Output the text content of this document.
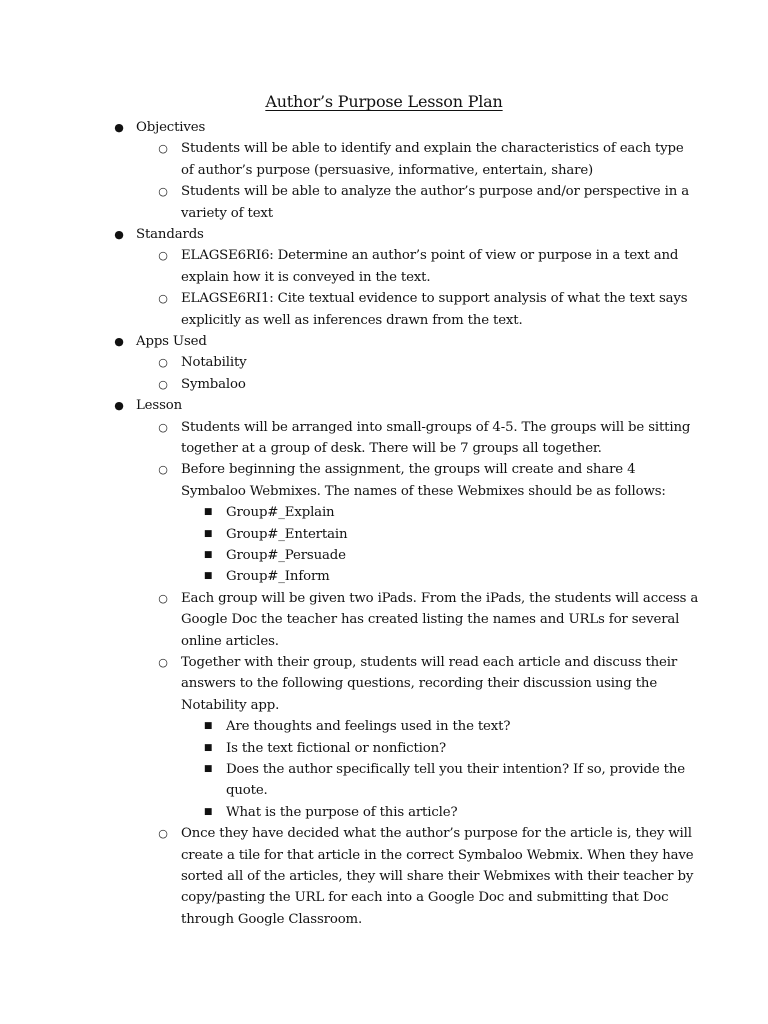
Author’s Purpose Lesson Plan
● Objectives
○ Students will be able to identify and explain the characteristics of each type
of author’s purpose (persuasive, informative, entertain, share)
○ Students will be able to analyze the author’s purpose and/or perspective in a
variety of text
● Standards
○ ELAGSE6RI6: Determine an author’s point of view or purpose in a text and
explain how it is conveyed in the text.
○ ELAGSE6RI1: Cite textual evidence to support analysis of what the text says
explicitly as well as inferences drawn from the text.
● Apps Used
○ Notability
○ Symbaloo
● Lesson
○ Students will be arranged into small-groups of 4-5. The groups will be sitting
together at a group of desk. There will be 7 groups all together.
○ Before beginning the assignment, the groups will create and share 4
Symbaloo Webmixes. The names of these Webmixes should be as follows:
■ Group#_Explain
■ Group#_Entertain
■ Group#_Persuade
■ Group#_Inform
○ Each group will be given two iPads. From the iPads, the students will access a
Google Doc the teacher has created listing the names and URLs for several
online articles.
○ Together with their group, students will read each article and discuss their
answers to the following questions, recording their discussion using the
Notability app.
■ Are thoughts and feelings used in the text?
■ Is the text fictional or nonfiction?
■ Does the author specifically tell you their intention? If so, provide the
quote.
■ What is the purpose of this article?
○ Once they have decided what the author’s purpose for the article is, they will
create a tile for that article in the correct Symbaloo Webmix. When they have
sorted all of the articles, they will share their Webmixes with their teacher by
copy/pasting the URL for each into a Google Doc and submitting that Doc
through Google Classroom.
